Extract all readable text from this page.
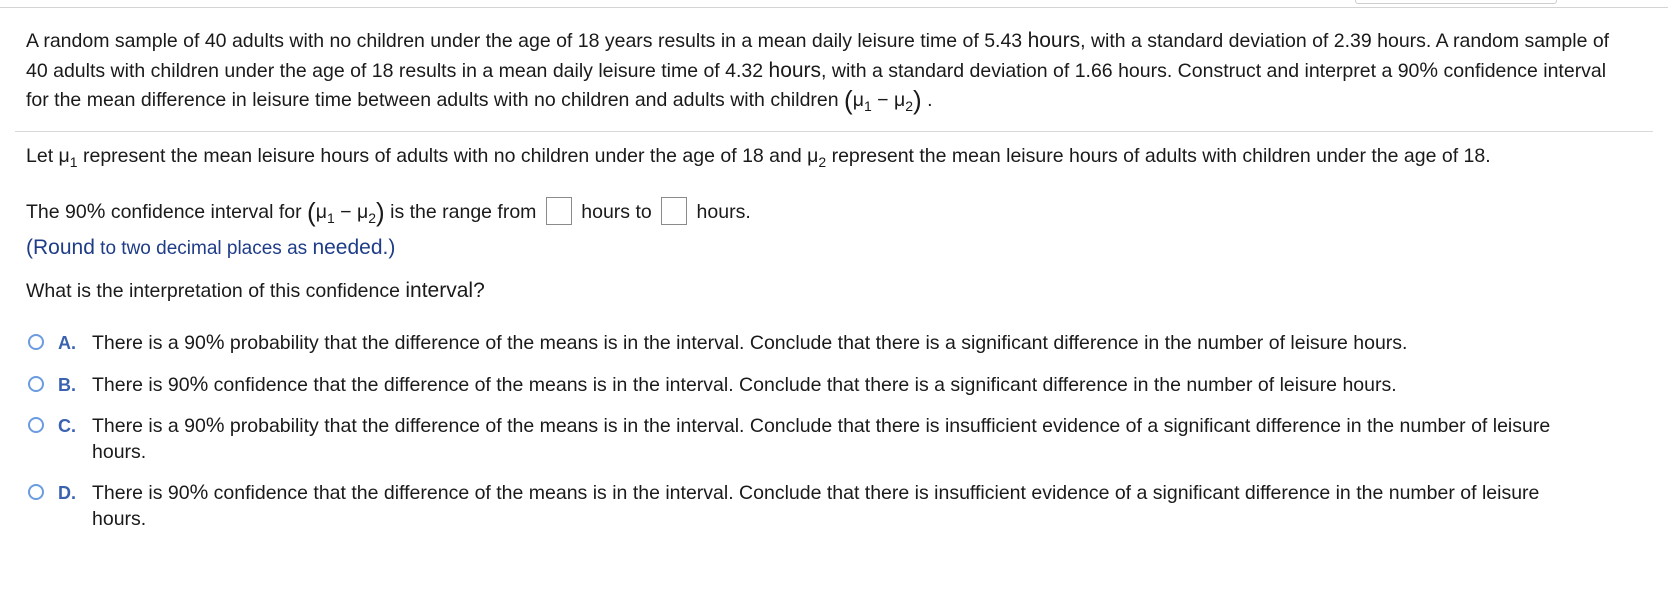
A random sample of 40 adults with no children under the age of 18 years results in a mean daily leisure time of 5.43 hours, with a standard deviation of 2.39 hours. A random sample of 40 adults with children under the age of 18 results in a mean daily leisure time of 4.32 hours, with a standard deviation of 1.66 hours. Construct and interpret a 90% confidence interval for the mean difference in leisure time between adults with no children and adults with children $(\mu_1 - \mu_2)$ .
Let $\mu_1$ represent the mean leisure hours of adults with no children under the age of 18 and $\mu_2$ represent the mean leisure hours of adults with children under the age of 18.
The 90% confidence interval for $(\mu_1 - \mu_2)$ is the range from  hours to  hours.
(Round to two decimal places as needed.)
What is the interpretation of this confidence interval?
A. There is a 90% probability that the difference of the means is in the interval. Conclude that there is a significant difference in the number of leisure hours.
B. There is 90% confidence that the difference of the means is in the interval. Conclude that there is a significant difference in the number of leisure hours.
C. There is a 90% probability that the difference of the means is in the interval. Conclude that there is insufficient evidence of a significant difference in the number of leisure hours.
D. There is 90% confidence that the difference of the means is in the interval. Conclude that there is insufficient evidence of a significant difference in the number of leisure hours.
